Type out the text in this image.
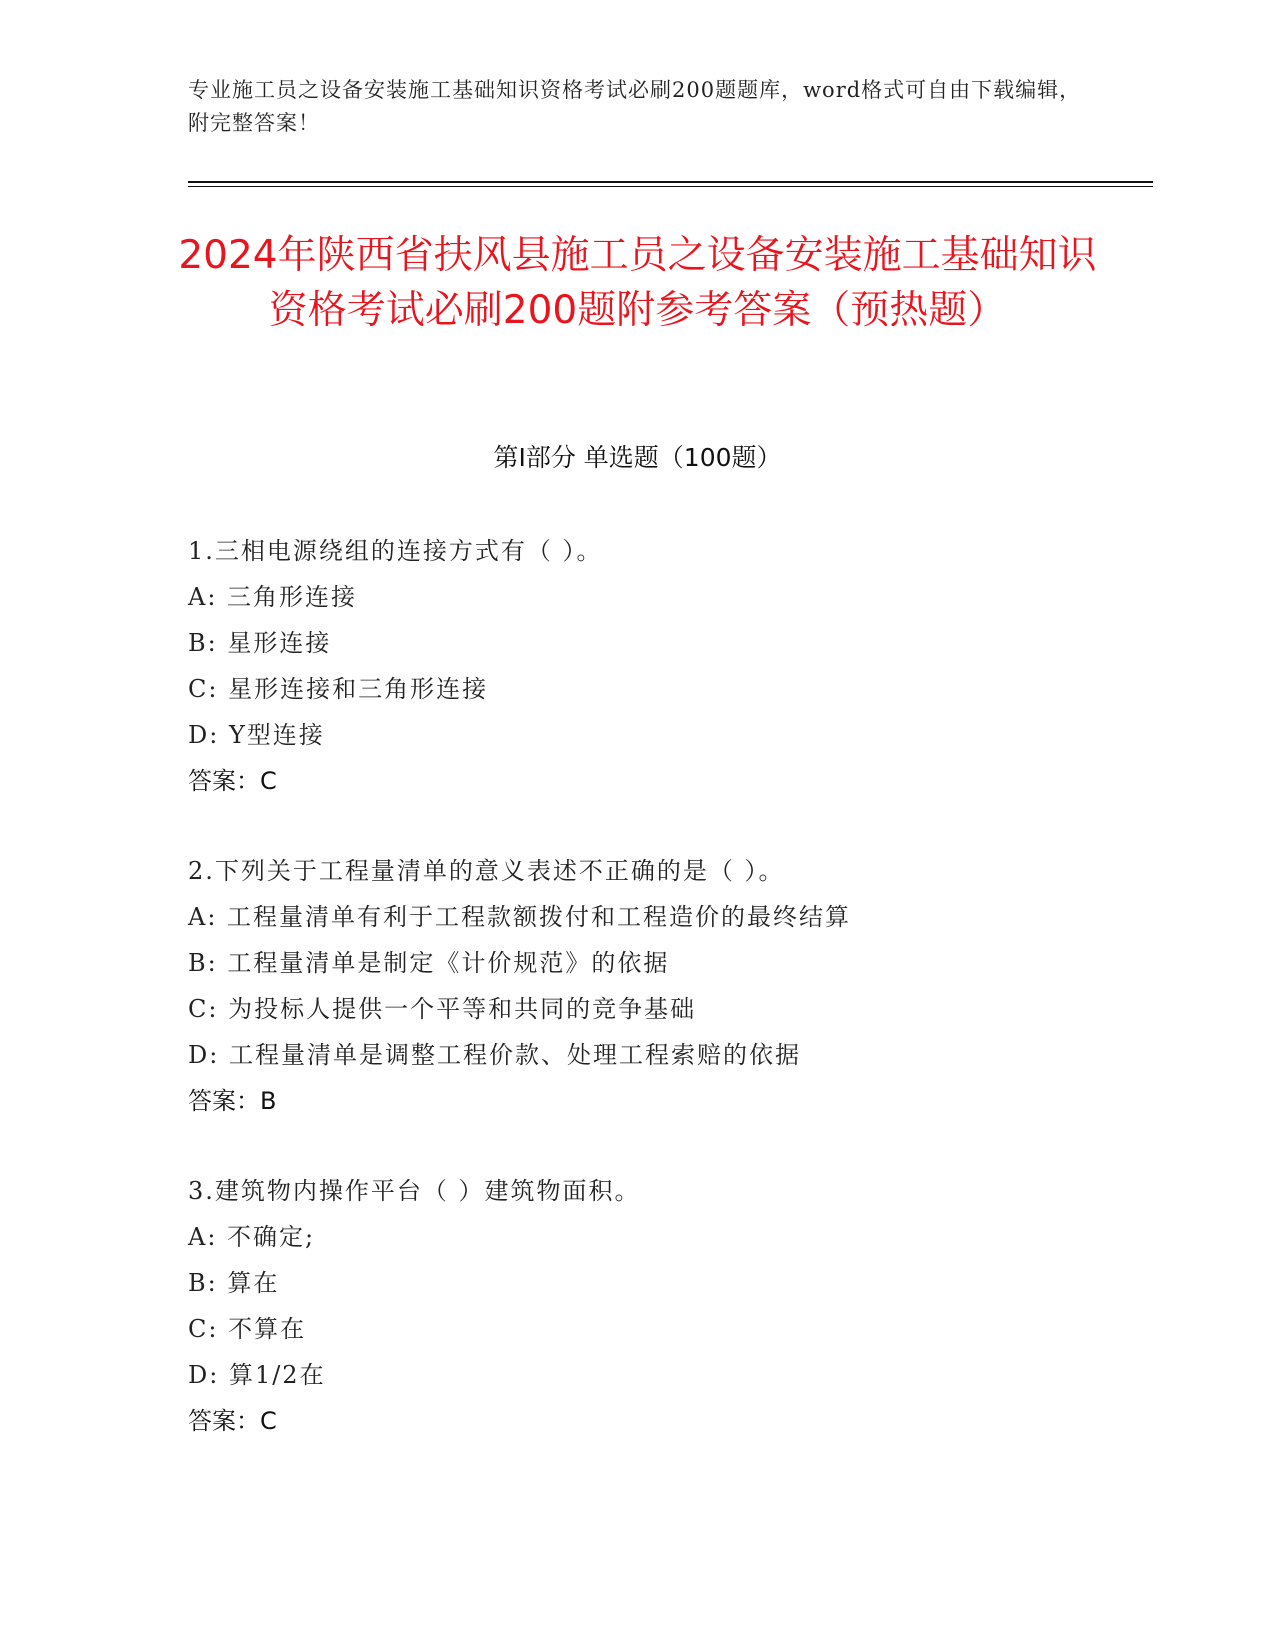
专业施工员之设备安装施工基础知识资格考试必刷200题题库，word格式可自由下载编辑，附完整答案！
2024年陕西省扶风县施工员之设备安装施工基础知识资格考试必刷200题附参考答案（预热题）
第I部分 单选题（100题）
1.三相电源绕组的连接方式有（ ）。
A: 三角形连接
B: 星形连接
C: 星形连接和三角形连接
D: Y型连接
答案：C
2.下列关于工程量清单的意义表述不正确的是（ ）。
A: 工程量清单有利于工程款额拨付和工程造价的最终结算
B: 工程量清单是制定《计价规范》的依据
C: 为投标人提供一个平等和共同的竞争基础
D: 工程量清单是调整工程价款、处理工程索赔的依据
答案：B
3.建筑物内操作平台（ ）建筑物面积。
A: 不确定;
B: 算在
C: 不算在
D: 算1/2在
答案：C
